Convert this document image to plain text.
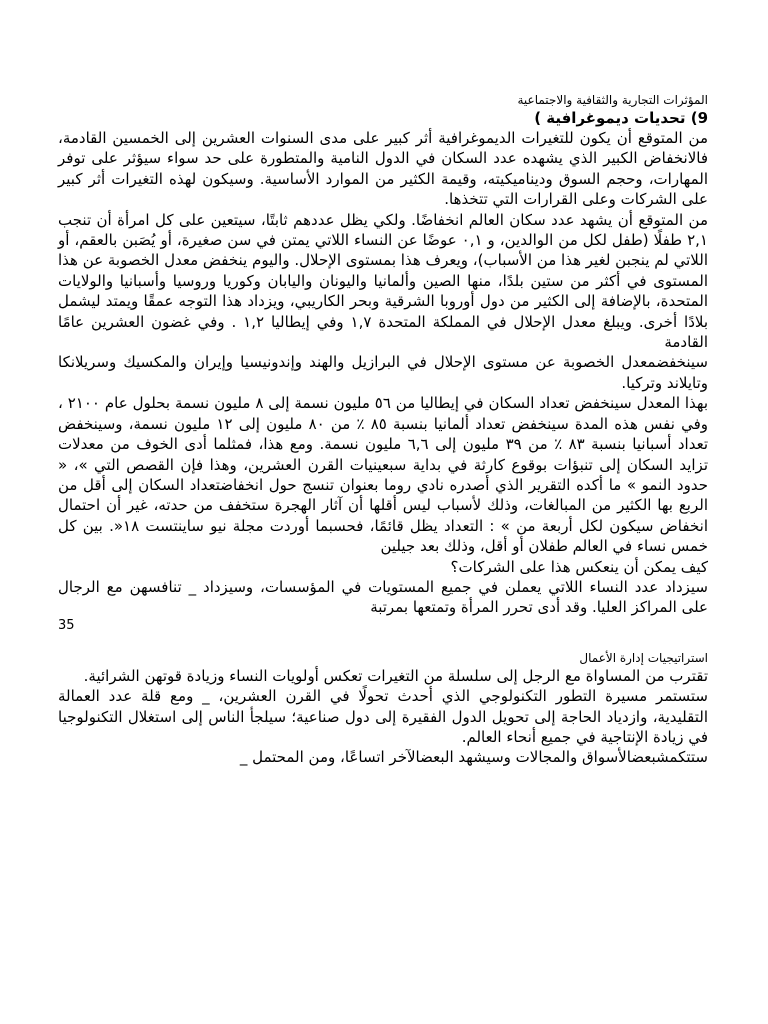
المؤثرات التجارية والثقافية والاجتماعية

9) تحديات ديموغرافية )

من المتوقع أن يكون للتغيرات الديموغرافية أثر كبير على مدى السنوات العشرين إلى الخمسين القادمة، فالانخفاض الكبير الذي يشهده عدد السكان في الدول النامية والمتطورة على حد سواء سيؤثر على توفر المهارات، وحجم السوق وديناميكيته، وقيمة الكثير من الموارد الأساسية. وسيكون لهذه التغيرات أثر كبير على الشركات وعلى القرارات التي تتخذها.

من المتوقع أن يشهد عدد سكان العالم انخفاضًا. ولكي يظل عددهم ثابتًا، سيتعين على كل امرأة أن تنجب ٢,١ طفلًا (طفل لكل من الوالدين، و ٠,١ عوضًا عن النساء اللاتي يمتن في سن صغيرة، أو يُصَبن بالعقم، أو اللاتي لم ينجبن لغير هذا من الأسباب)، ويعرف هذا بمستوى الإحلال. واليوم ينخفض معدل الخصوبة عن هذا المستوى في أكثر من ستين بلدًا، منها الصين وألمانيا واليونان واليابان وكوريا وروسيا وأسبانيا والولايات المتحدة، بالإضافة إلى الكثير من دول أوروبا الشرقية وبحر الكاريبي، ويزداد هذا التوجه عمقًا ويمتد ليشمل بلادًا أخرى. ويبلغ معدل الإحلال في المملكة المتحدة ١,٧ وفي إيطاليا ١,٢ . وفي غضون العشرين عامًا القادمة

سينخفضمعدل الخصوبة عن مستوى الإحلال في البرازيل والهند وإندونيسيا وإيران والمكسيك وسريلانكا وتايلاند وتركيا.

بهذا المعدل سينخفض تعداد السكان في إيطاليا من ٥٦ مليون نسمة إلى ٨ مليون نسمة بحلول عام ٢١٠٠ ، وفي نفس هذه المدة سينخفض تعداد ألمانيا بنسبة ٨٥ ٪ من ٨٠ مليون إلى ١٢ مليون نسمة، وسينخفض تعداد أسبانيا بنسبة ٨٣ ٪ من ٣٩ مليون إلى ٦,٦ مليون نسمة. ومع هذا، فمثلما أدى الخوف من معدلات تزايد السكان إلى تنبؤات بوقوع كارثة في بداية سبعينيات القرن العشرين، وهذا فإن القصص التي »، « حدود النمو » ما أكده التقرير الذي أصدره نادي روما بعنوان تنسج حول انخفاضتعداد السكان إلى أقل من الربع بها الكثير من المبالغات، وذلك لأسباب ليس أقلها أن آثار الهجرة ستخفف من حدته، غير أن احتمال انخفاض سيكون لكل أربعة من » : التعداد يظل قائمًا، فحسبما أوردت مجلة نيو ساينتست ١٨«. بين كل خمس نساء في العالم طفلان أو أقل، وذلك بعد جيلين

كيف يمكن أن ينعكس هذا على الشركات؟

سيزداد عدد النساء اللاتي يعملن في جميع المستويات في المؤسسات، وسيزداد _ تنافسهن مع الرجال على المراكز العليا. وقد أدى تحرر المرأة وتمتعها بمرتبة

35

استراتيجيات إدارة الأعمال

تقترب من المساواة مع الرجل إلى سلسلة من التغيرات تعكس أولويات النساء وزيادة قوتهن الشرائية.

ستستمر مسيرة التطور التكنولوجي الذي أحدث تحولًا في القرن العشرين، _ ومع قلة عدد العمالة التقليدية، وازدياد الحاجة إلى تحويل الدول الفقيرة إلى دول صناعية؛ سيلجأ الناس إلى استغلال التكنولوجيا في زيادة الإنتاجية في جميع أنحاء العالم.

ستتكمشبعضالأسواق والمجالات وسيشهد البعضالآخر اتساعًا، ومن المحتمل _
